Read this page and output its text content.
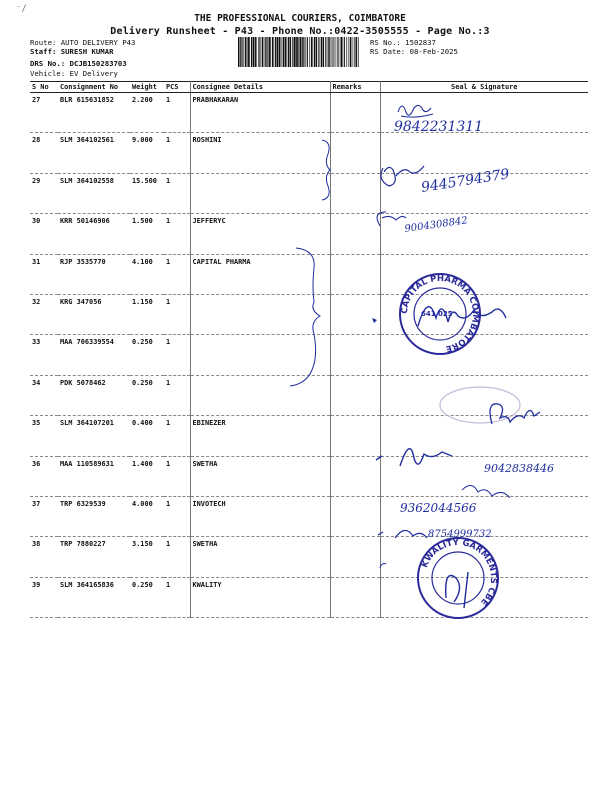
⁻∕
THE PROFESSIONAL COURIERS, COIMBATORE
Delivery Runsheet - P43 - Phone No.:0422-3505555 - Page No.:3
Route: AUTO DELIVERY P43
Staff: SURESH KUMAR
DRS No.: DCJB150283703
Vehicle: EV Delivery
RS No.: 1502837
RS Date: 08-Feb-2025
S No	Consignment No	Weight	PCS	Consignee Details	Remarks	Seal & Signature
27	BLR 615631852	2.200	1	PRABHAKARAN		
28	SLM 364102561	9.000	1	ROSHINI		
29	SLM 364102558	15.500	1			
30	KRR 50146906	1.500	1	JEFFERYC		
31	RJP 3535770	4.100	1	CAPITAL PHARMA		
32	KRG 347056	1.150	1			
33	MAA 706339554	0.250	1			
34	PDK 5078462	0.250	1			
35	SLM 364107201	0.400	1	EBINEZER		
36	MAA 110589631	1.400	1	SWETHA		
37	TRP 6329539	4.000	1	INVOTECH		
38	TRP 7880227	3.150	1	SWETHA		
39	SLM 364165836	0.250	1	KWALITY		
9842231311
9445794379
9004308842
CAPITAL PHARMA COIMBATORE
641 025
9042838446
9362044566
8754999732
KWALITY GARMENTS CBE
